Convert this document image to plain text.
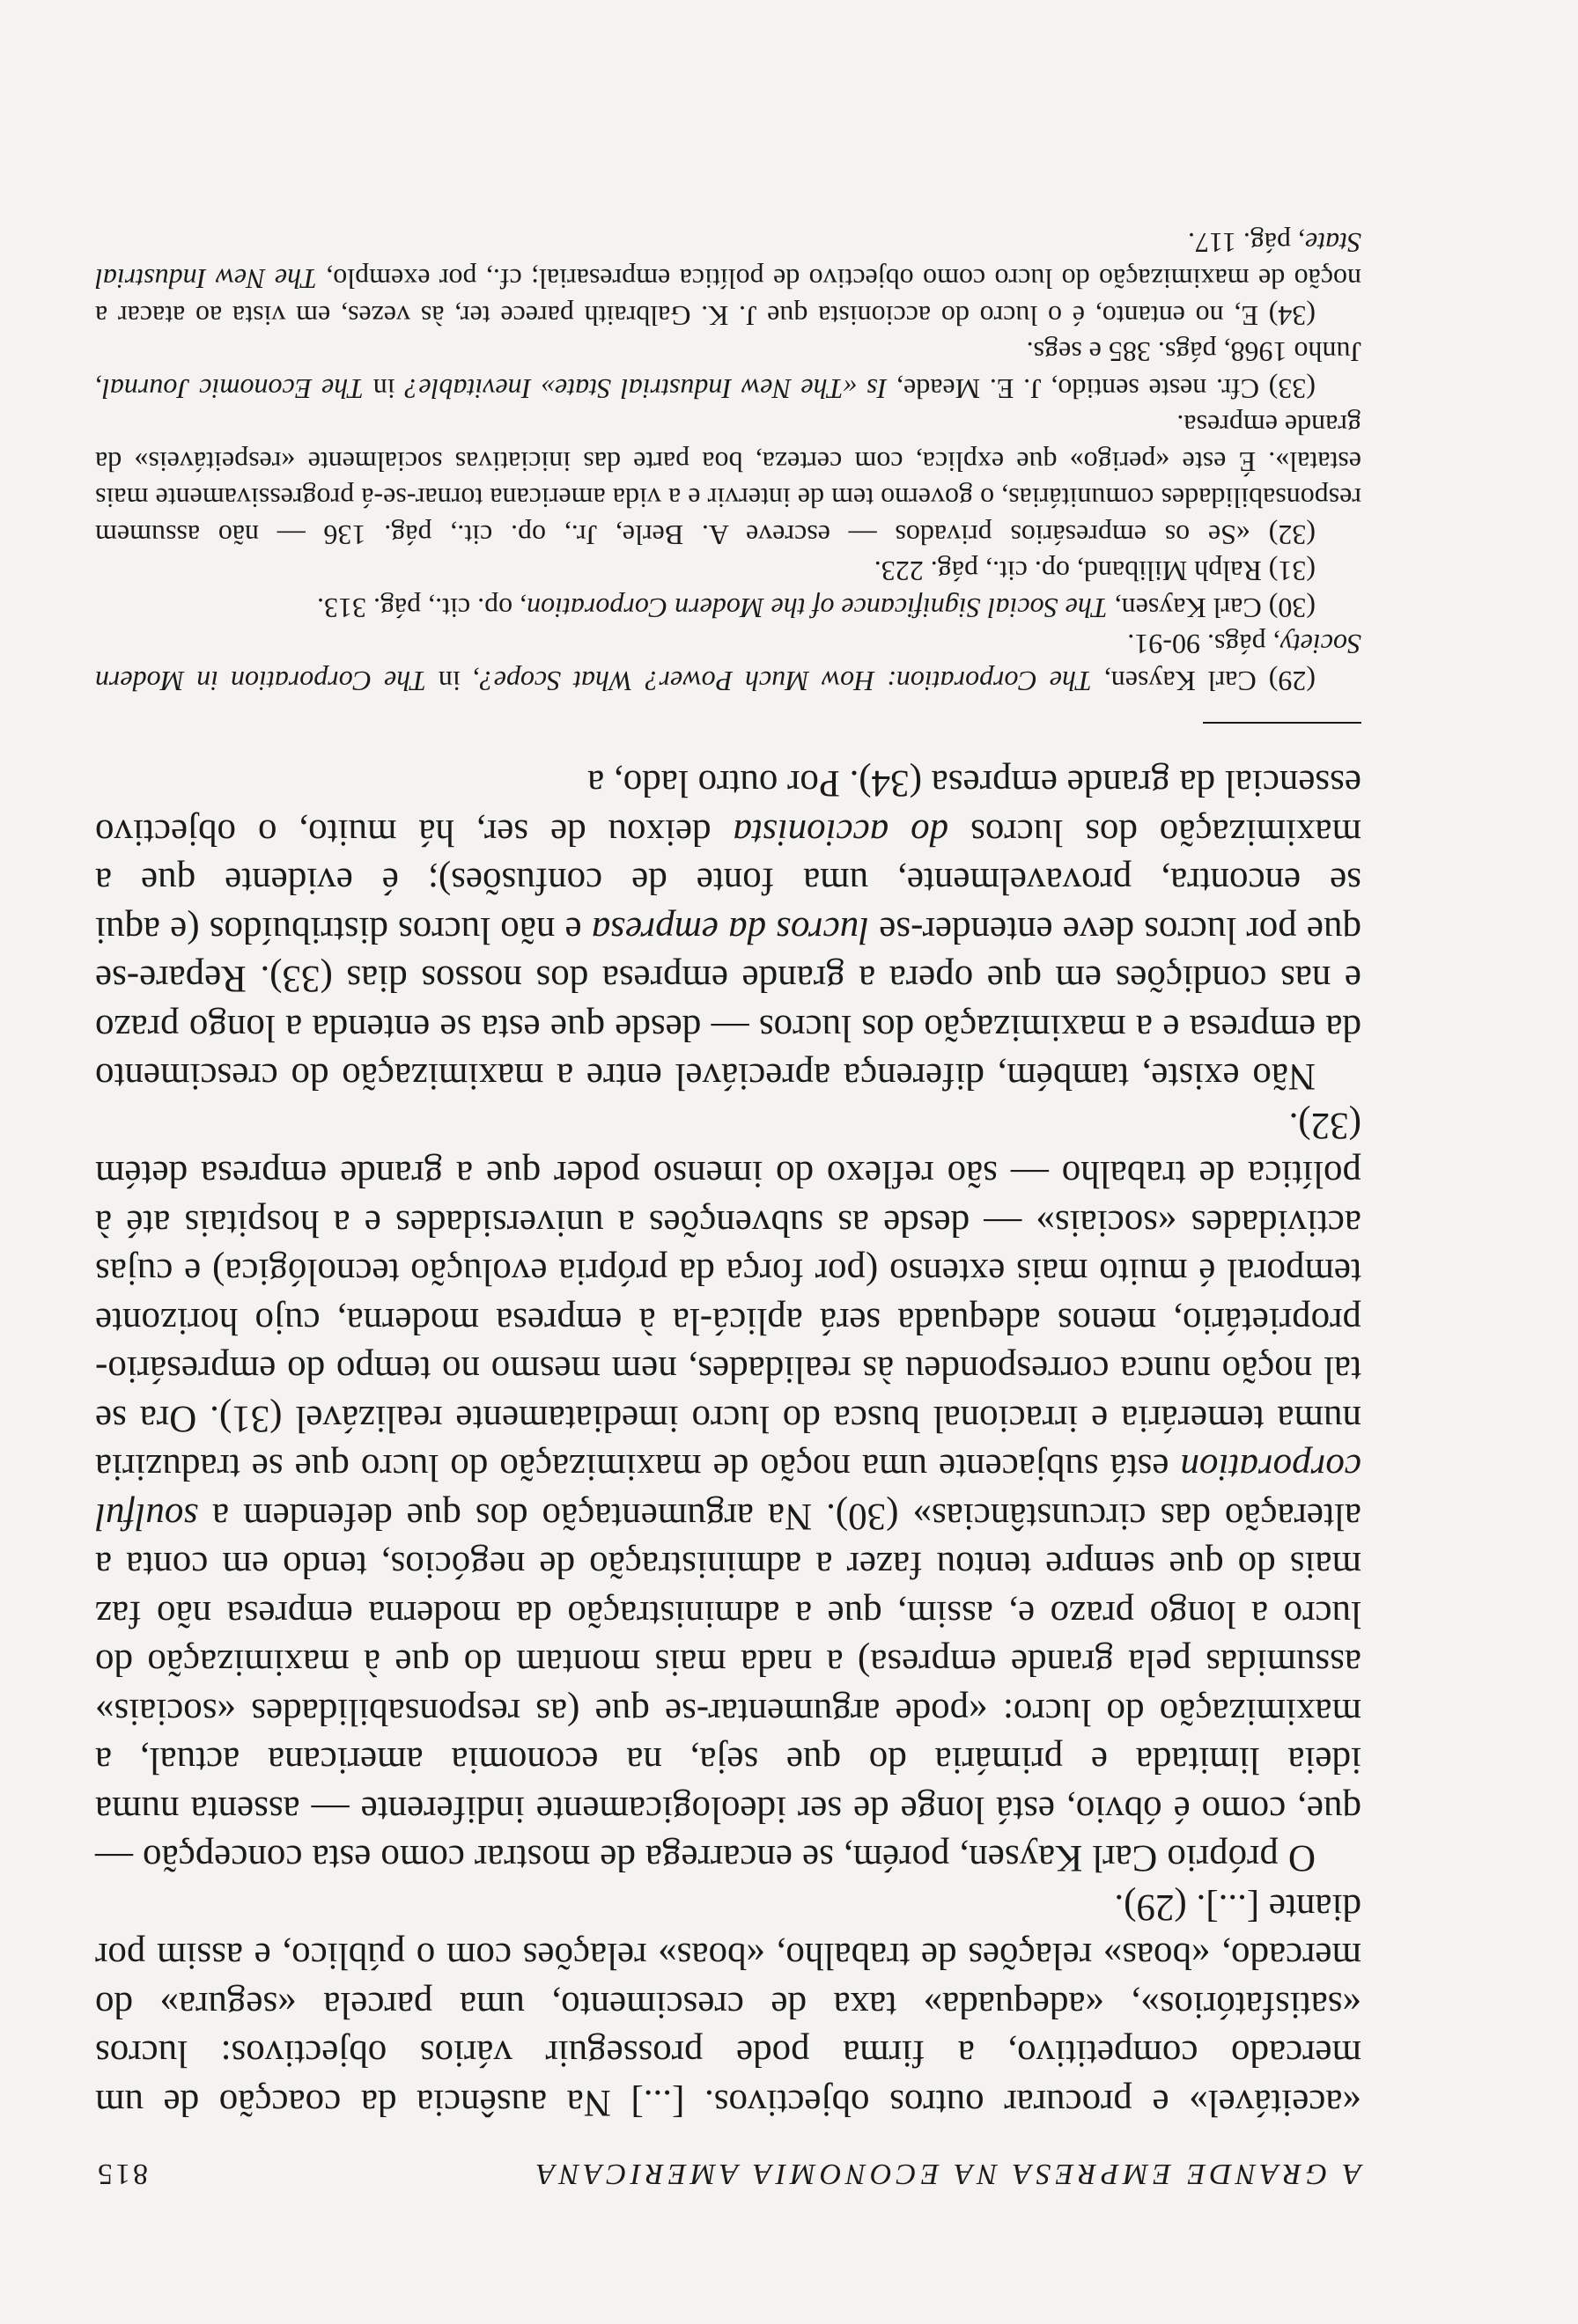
A GRANDE EMPRESA NA ECONOMIA AMERICANA
815

«aceitável» e procurar outros objectivos. [...] Na ausência da coacção de um mercado competitivo, a firma pode prosseguir vários objectivos: lucros «satisfatórios», «adequada» taxa de crescimento, uma parcela «segura» do mercado, «boas» relações de trabalho, «boas» relações com o público, e assim por diante [...]. (29).

O próprio Carl Kaysen, porém, se encarrega de mostrar como esta concepção — que, como é óbvio, está longe de ser ideologicamente indiferente — assenta numa ideia limitada e primária do que seja, na economia americana actual, a maximização do lucro: «pode argumentar-se que (as responsabilidades «sociais» assumidas pela grande empresa) a nada mais montam do que à maximização do lucro a longo prazo e, assim, que a administração da moderna empresa não faz mais do que sempre tentou fazer a administração de negócios, tendo em conta a alteração das circunstâncias» (30). Na argumentação dos que defendem a soulful corporation está subjacente uma noção de maximização do lucro que se traduziria numa temerária e irracional busca do lucro imediatamente realizável (31). Ora se tal noção nunca correspondeu às realidades, nem mesmo no tempo do empresário-proprietário, menos adequada será aplicá-la à empresa moderna, cujo horizonte temporal é muito mais extenso (por força da própria evolução tecnológica) e cujas actividades «sociais» — desde as subvenções a universidades e a hospitais até à política de trabalho — são reflexo do imenso poder que a grande empresa detém (32).

Não existe, também, diferença apreciável entre a maximização do crescimento da empresa e a maximização dos lucros — desde que esta se entenda a longo prazo e nas condições em que opera a grande empresa dos nossos dias (33). Repare-se que por lucros deve entender-se lucros da empresa e não lucros distribuídos (e aqui se encontra, provavelmente, uma fonte de confusões); é evidente que a maximização dos lucros do accionista deixou de ser, há muito, o objectivo essencial da grande empresa (34). Por outro lado, a

(29) Carl Kaysen, The Corporation: How Much Power? What Scope?, in The Corporation in Modern Society, págs. 90-91.

(30) Carl Kaysen, The Social Significance of the Modern Corporation, op. cit., pág. 313.

(31) Ralph Miliband, op. cit., pág. 223.

(32) «Se os empresários privados — escreve A. Berle, Jr., op. cit., pág. 136 — não assumem responsabilidades comunitárias, o governo tem de intervir e a vida americana tornar-se-á progressivamente mais estatal». É este «perigo» que explica, com certeza, boa parte das iniciativas socialmente «respeitáveis» da grande empresa.

(33) Cfr. neste sentido, J. E. Meade, Is «The New Industrial State» Inevitable? in The Economic Journal, Junho 1968, págs. 385 e segs.

(34) E, no entanto, é o lucro do accionista que J. K. Galbraith parece ter, às vezes, em vista ao atacar a noção de maximização do lucro como objectivo de política empresarial; cf., por exemplo, The New Industrial State, pág. 117.
